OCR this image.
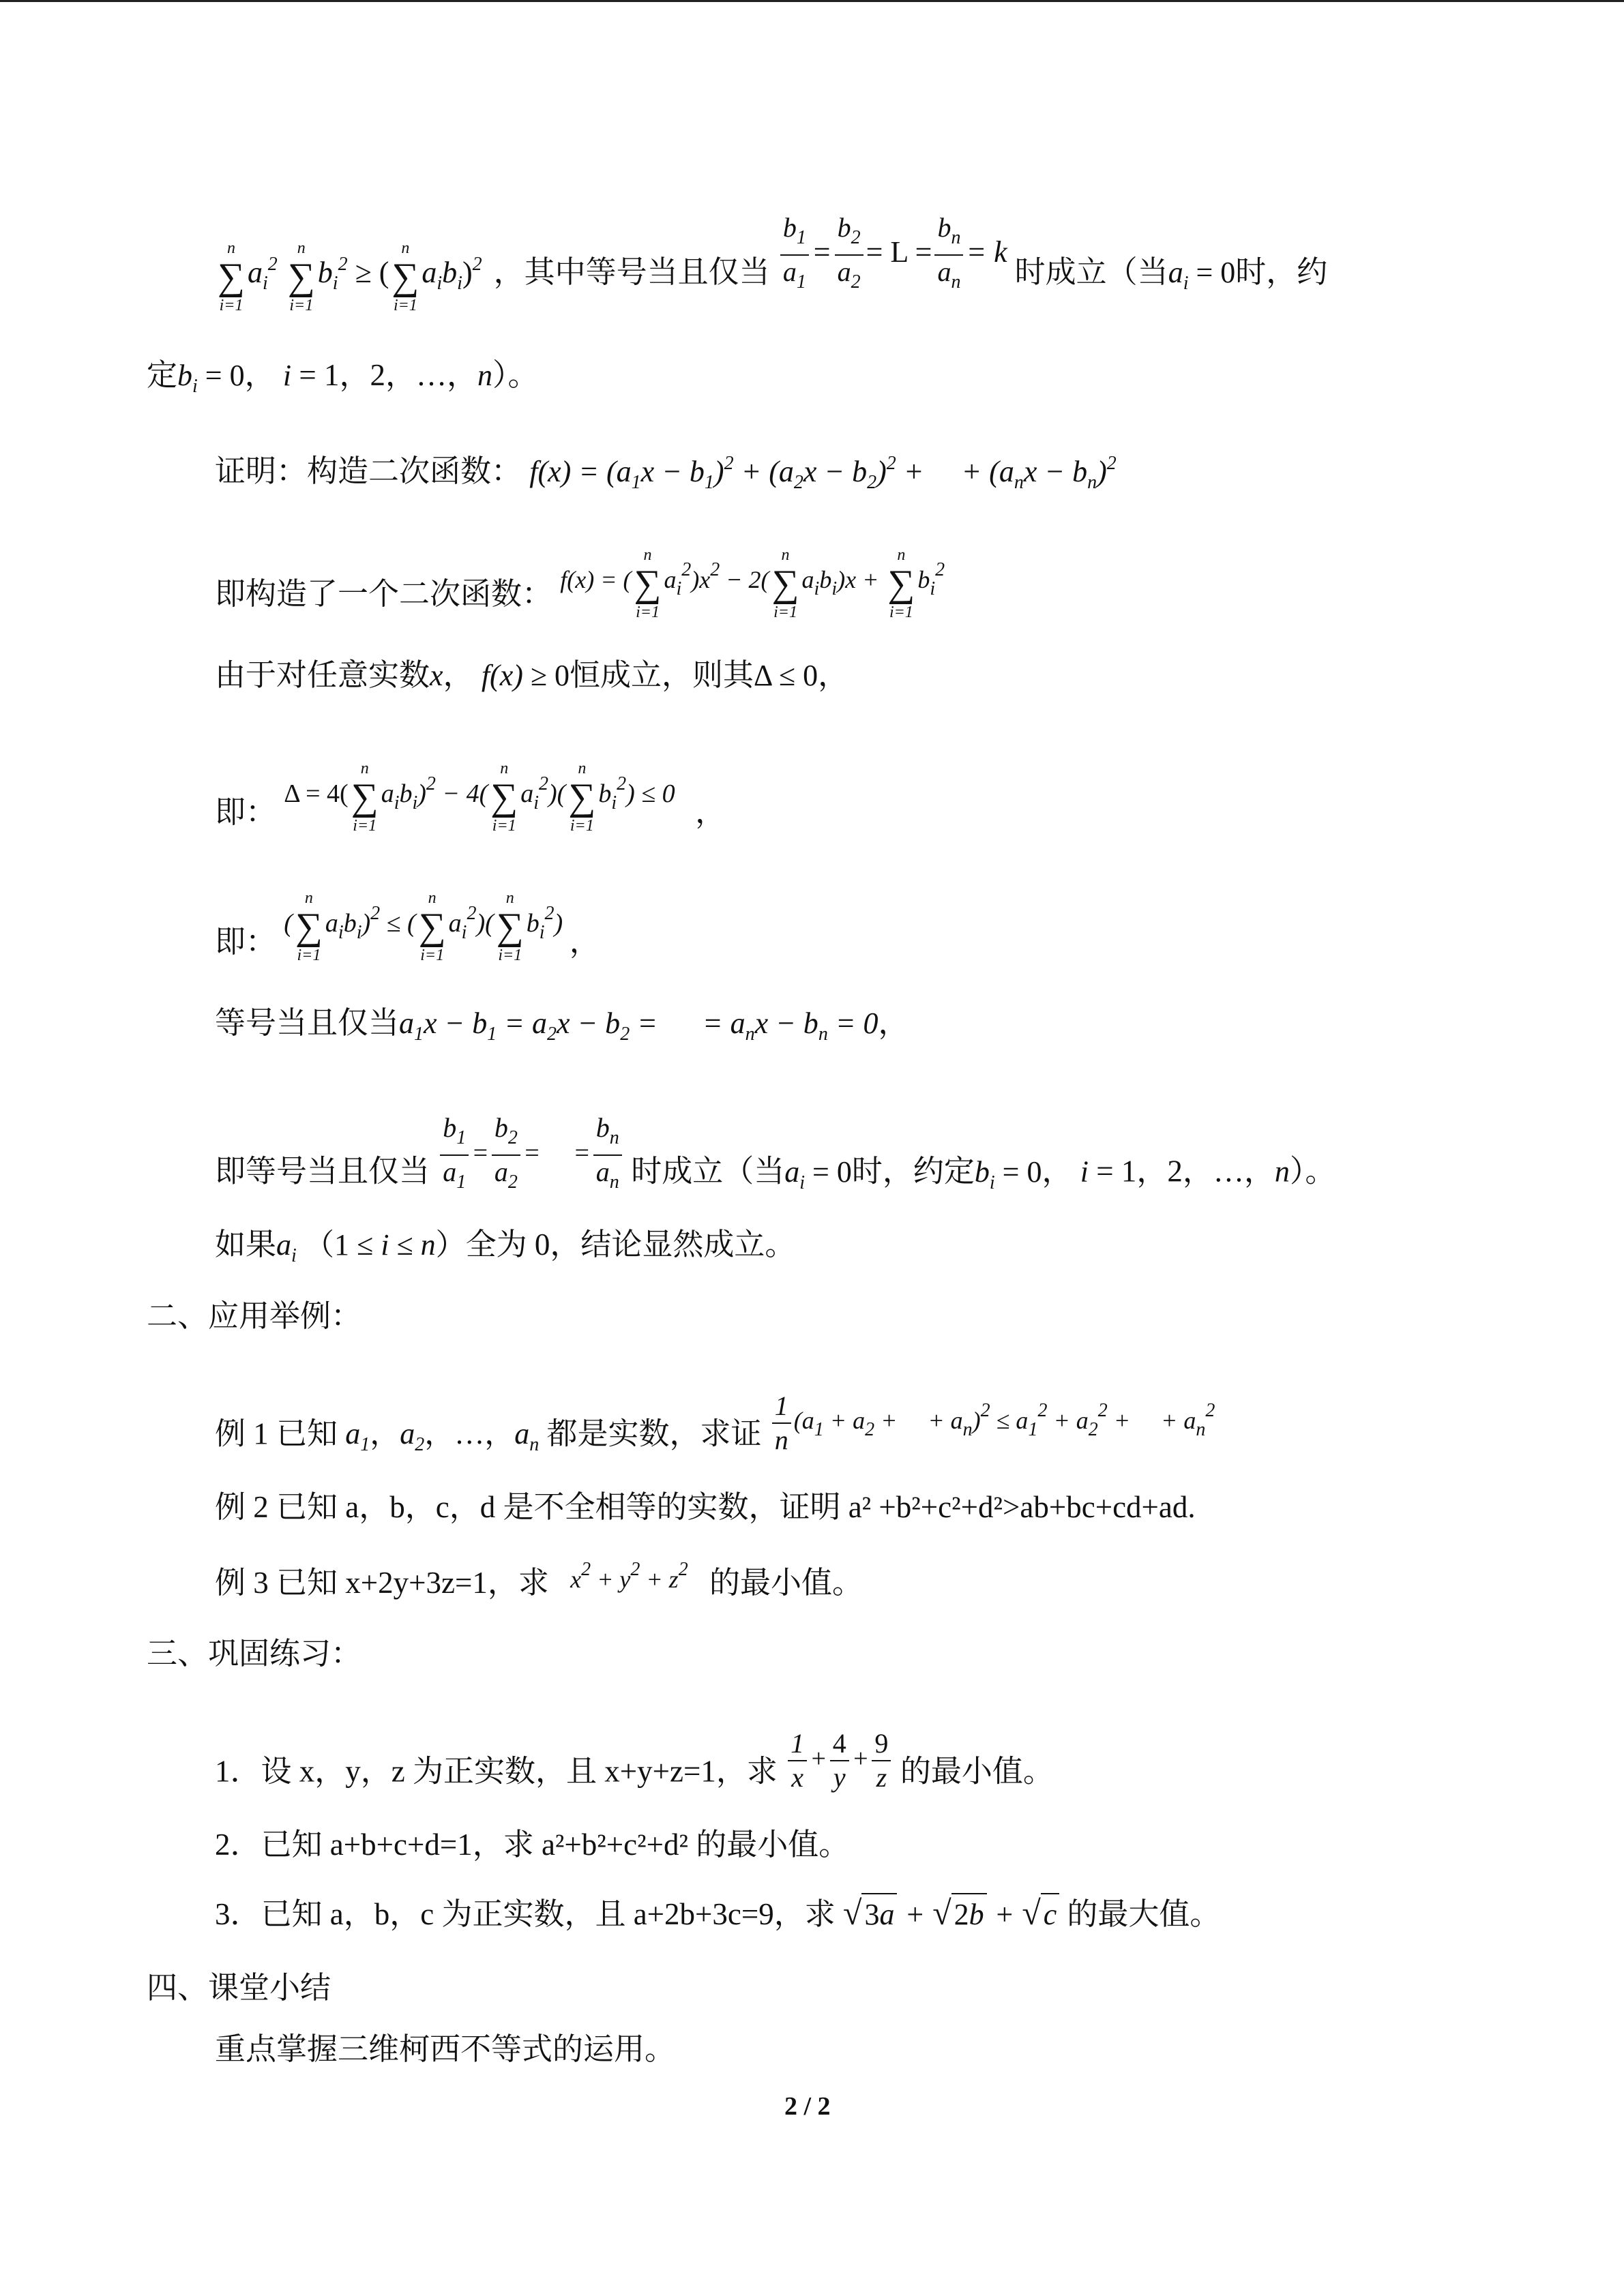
n
∑
i=1
$a_i^2$
n
∑
i=1
$b_i^2$ ≥ (
n
∑
i=1
$a_ib_i)^2$ ，其中等号当且仅当 $\frac{b_1}{a_1} = \frac{b_2}{a_2} = L = \frac{b_n}{a_n} = k$ 时成立（当$a_i = 0$时，约
定$b_i = 0$， i = 1，2，…，n）。
证明：构造二次函数： $f(x) = (a_1x - b_1)^2 + (a_2x - b_2)^2$ +     + $(a_nx - b_n)^2$
即构造了一个二次函数： $^{f(x) = ( n \sum i=1 a_i^2)x^2 - 2( n \sum i=1 a_ib_i)x + n \sum i=1 b_i^2}$
由于对任意实数x， f(x) ≥ 0恒成立，则其Δ ≤ 0，
即： $^{\Delta = 4( n \sum i=1 a_ib_i)^2 - 4( n \sum i=1 a_i^2)( n \sum i=1 b_i^2) \le 0}$ ，
即： $^{( n \sum i=1 a_ib_i)^2 \le ( n \sum i=1 a_i^2)( n \sum i=1 b_i^2)}$ ，
等号当且仅当$a_1x - b_1 = a_2x - b_2$ =      = $a_nx - b_n = 0$，
即等号当且仅当 $^{\frac{b_1}{a_1} = \frac{b_2}{a_2} = = \frac{b_n}{a_n}}$ 时成立（当$a_i = 0$时，约定$b_i = 0$， i = 1，2，…，n）。
如果$a_i$ （1 ≤ i ≤ n）全为 0，结论显然成立。
二、应用举例：
例 1 已知 $a_1$，$a_2$，…，$a_n$ 都是实数，求证 $^{\frac{1}{n} (a_1 + a_2 + + a_n)^2 \le a_1^2 + a_2^2 + + a_n^2}$
例 2 已知 a，b，c，d 是不全相等的实数，证明 a² +b²+c²+d²>ab+bc+cd+ad.
例 3 已知 x+2y+3z=1，求 $x^2 + y^2 + z^2$ 的最小值。
三、巩固练习：
1．设 x，y，z 为正实数，且 x+y+z=1，求 $^{\frac{1}{x} + \frac{4}{y} + \frac{9}{z}}$ 的最小值。
2．已知 a+b+c+d=1，求 a²+b²+c²+d² 的最小值。
3．已知 a，b，c 为正实数，且 a+2b+3c=9，求 √3a + √2b + √c 的最大值。
四、课堂小结
重点掌握三维柯西不等式的运用。
2 / 2
